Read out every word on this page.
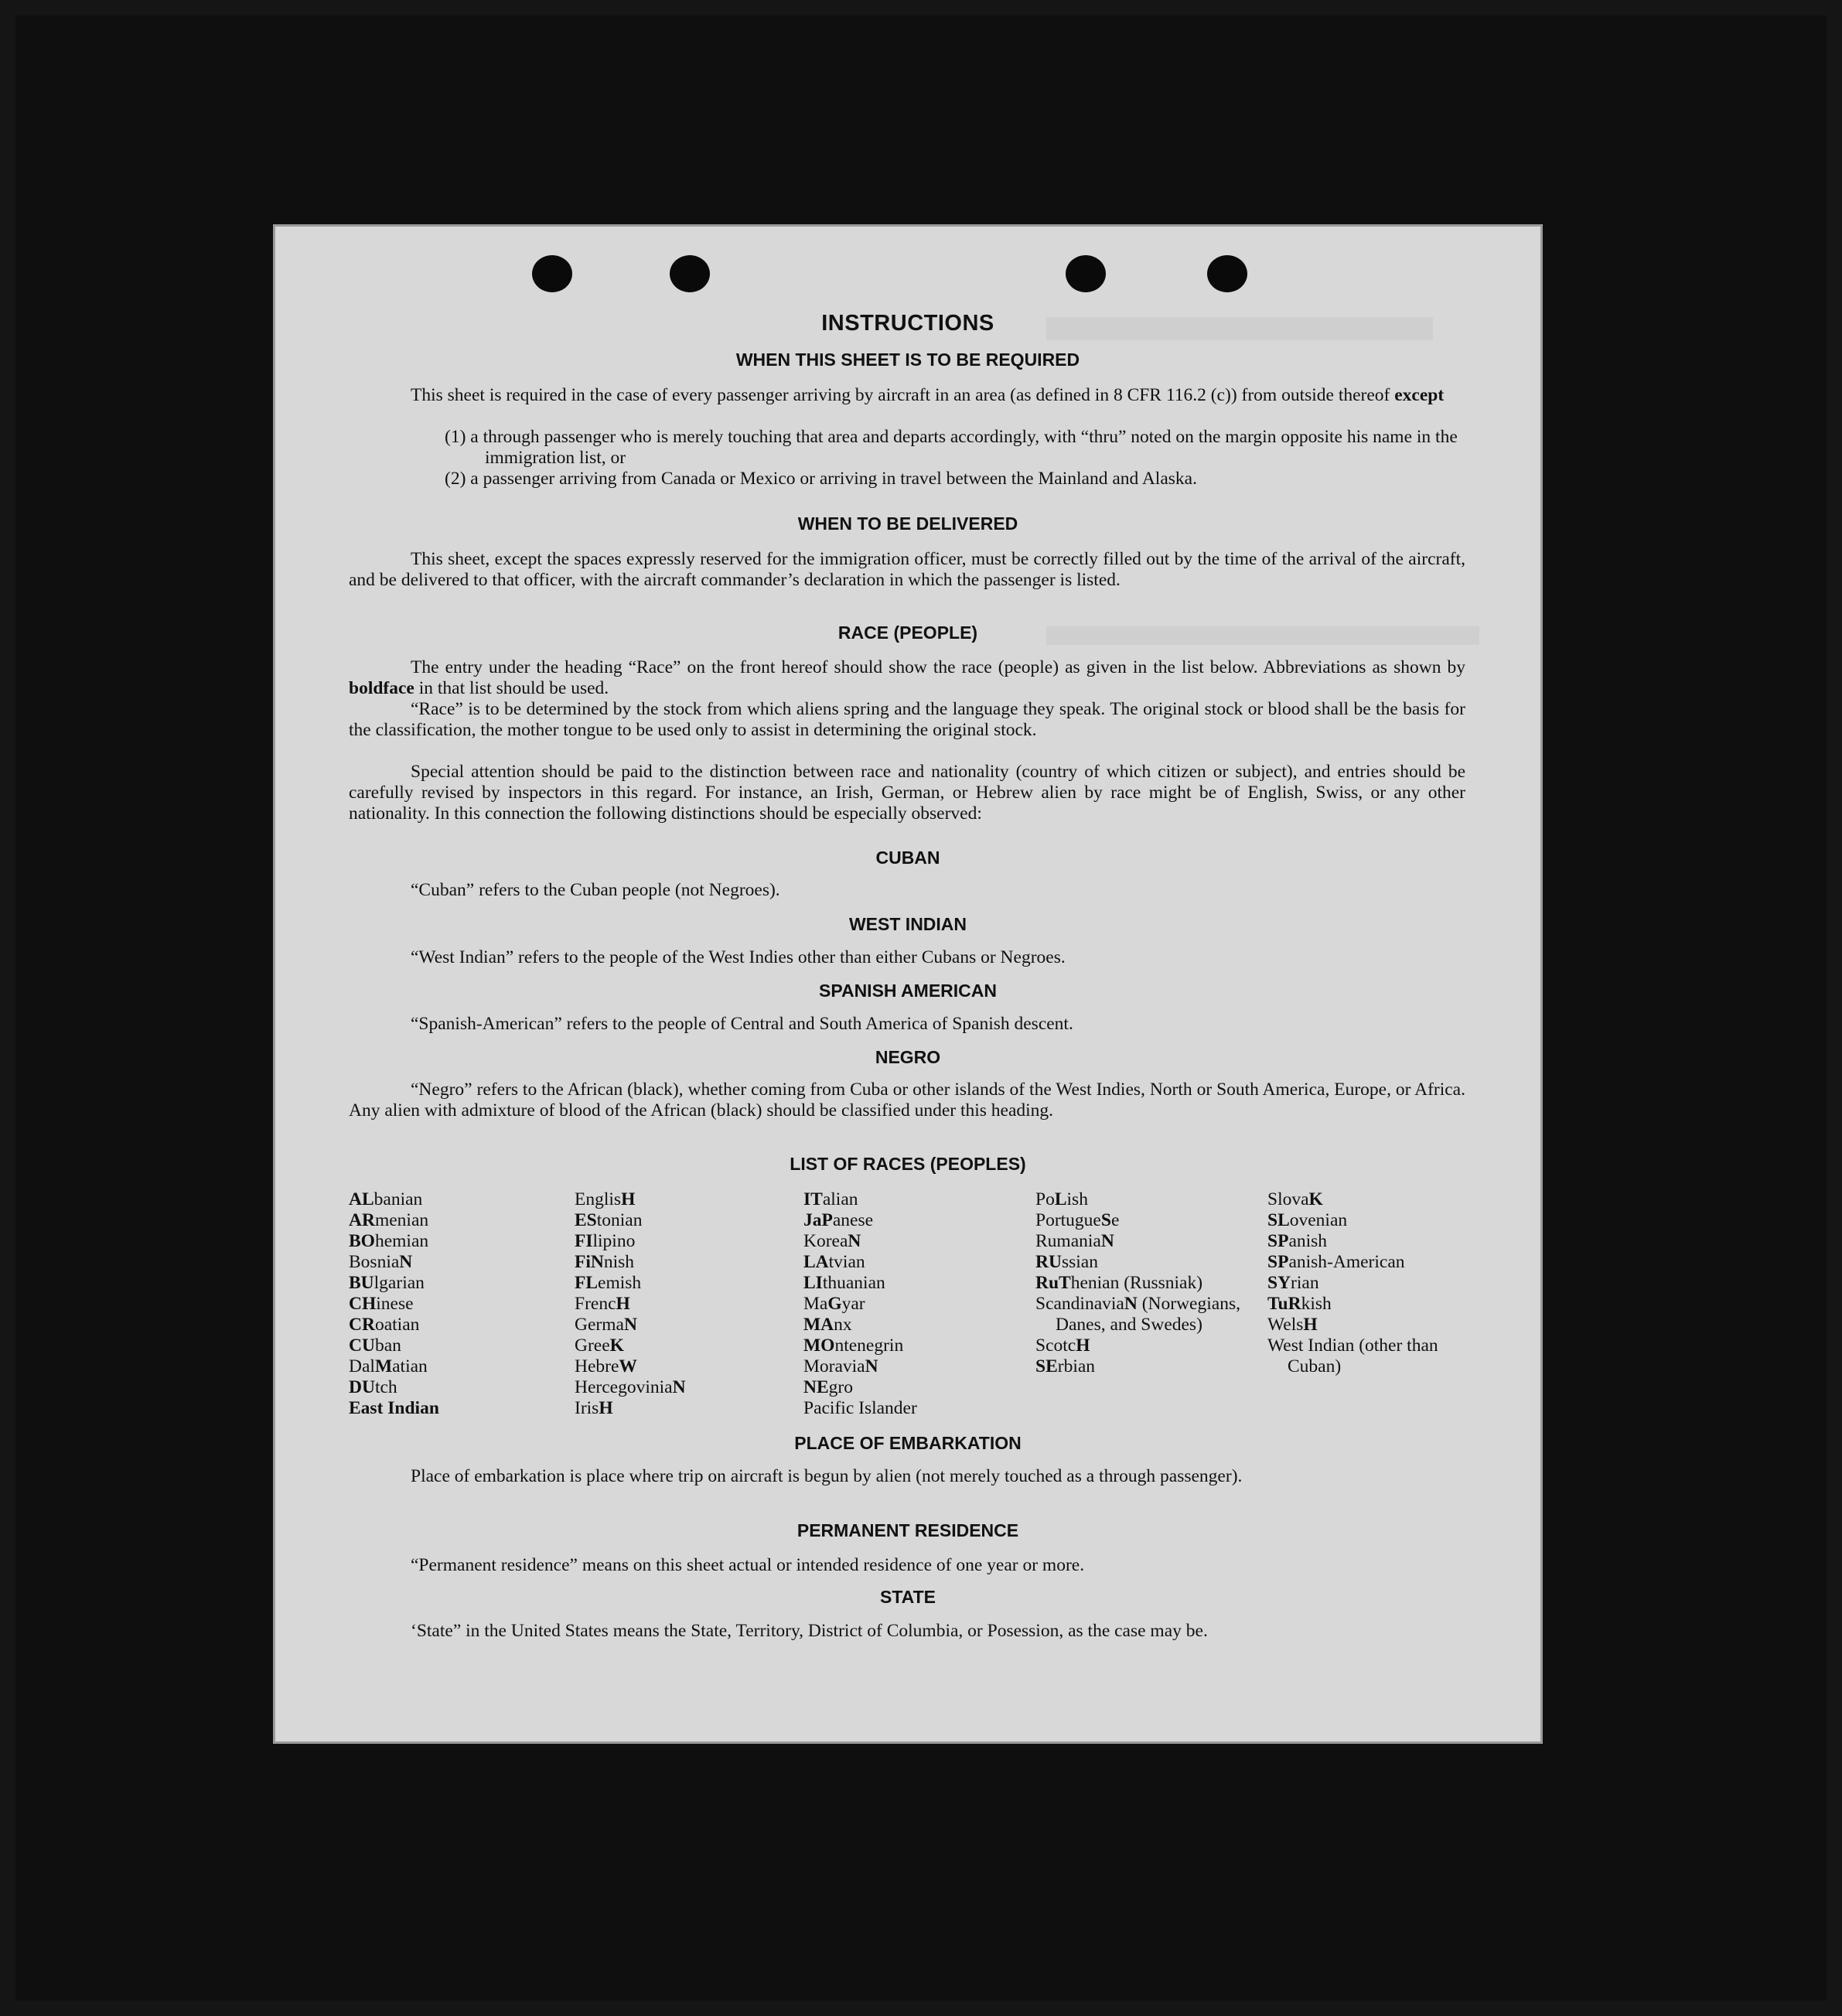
INSTRUCTIONS
WHEN THIS SHEET IS TO BE REQUIRED
This sheet is required in the case of every passenger arriving by aircraft in an area (as defined in 8 CFR 116.2 (c)) from outside thereof except
(1) a through passenger who is merely touching that area and departs accordingly, with “thru” noted on the margin opposite his name in the immigration list, or
(2) a passenger arriving from Canada or Mexico or arriving in travel between the Mainland and Alaska.
WHEN TO BE DELIVERED
This sheet, except the spaces expressly reserved for the immigration officer, must be correctly filled out by the time of the arrival of the aircraft, and be delivered to that officer, with the aircraft commander’s declaration in which the passenger is listed.
RACE (PEOPLE)
The entry under the heading “Race” on the front hereof should show the race (people) as given in the list below. Abbreviations as shown by boldface in that list should be used.
“Race” is to be determined by the stock from which aliens spring and the language they speak. The original stock or blood shall be the basis for the classification, the mother tongue to be used only to assist in determining the original stock.
Special attention should be paid to the distinction between race and nationality (country of which citizen or subject), and entries should be carefully revised by inspectors in this regard. For instance, an Irish, German, or Hebrew alien by race might be of English, Swiss, or any other nationality. In this connection the following distinctions should be especially observed:
CUBAN
“Cuban” refers to the Cuban people (not Negroes).
WEST INDIAN
“West Indian” refers to the people of the West Indies other than either Cubans or Negroes.
SPANISH AMERICAN
“Spanish-American” refers to the people of Central and South America of Spanish descent.
NEGRO
“Negro” refers to the African (black), whether coming from Cuba or other islands of the West Indies, North or South America, Europe, or Africa. Any alien with admixture of blood of the African (black) should be classified under this heading.
LIST OF RACES (PEOPLES)
ALbanian
ARmenian
BOhemian
BosniaN
BUlgarian
CHinese
CRoatian
CUban
DalMatian
DUtch
East Indian
EnglisH
EStonian
FIlipino
FiNnish
FLemish
FrencH
GermaN
GreeK
HebreW
HercegoviniaN
IrisH
ITalian
JaPanese
KoreaN
LAtvian
LIthuanian
MaGyar
MAnx
MOntenegrin
MoraviaN
NEgro
Pacific Islander
PoLish
PortugueSe
RumaniaN
RUssian
RuThenian (Russniak)
ScandinaviaN (Norwegians, Danes, and Swedes)
ScotcH
SErbian
SlovaK
SLovenian
SPanish
SPanish-American
SYrian
TuRkish
WelsH
West Indian (other than Cuban)
PLACE OF EMBARKATION
Place of embarkation is place where trip on aircraft is begun by alien (not merely touched as a through passenger).
PERMANENT RESIDENCE
“Permanent residence” means on this sheet actual or intended residence of one year or more.
STATE
‘State” in the United States means the State, Territory, District of Columbia, or Posession, as the case may be.
